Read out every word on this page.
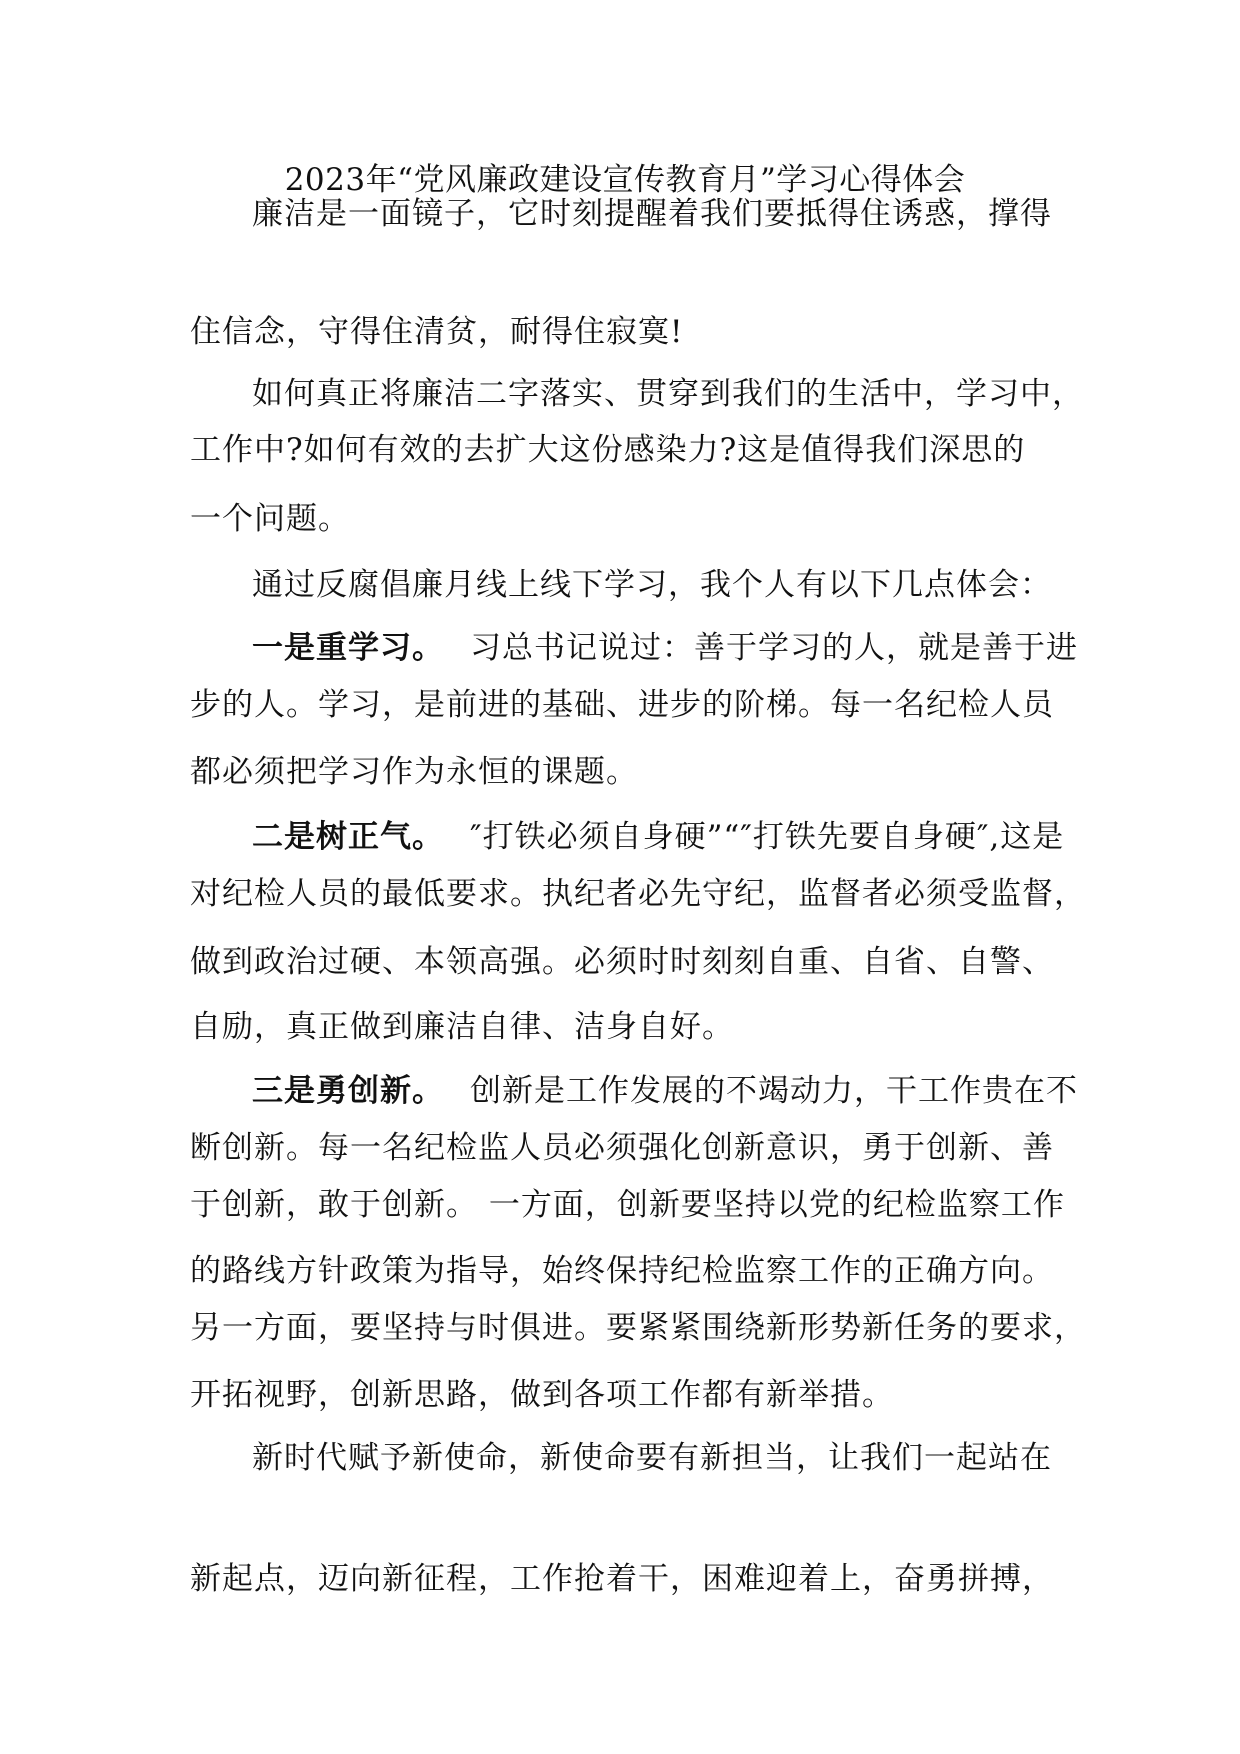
2023年“党风廉政建设宣传教育月”学习心得体会

廉洁是一面镜子，它时刻提醒着我们要抵得住诱惑，撑得

住信念，守得住清贫，耐得住寂寞!

如何真正将廉洁二字落实、贯穿到我们的生活中，学习中，

工作中?如何有效的去扩大这份感染力?这是值得我们深思的

一个问题。

通过反腐倡廉月线上线下学习，我个人有以下几点体会：

一是重学习。 习总书记说过：善于学习的人，就是善于进

步的人。学习，是前进的基础、进步的阶梯。每一名纪检人员

都必须把学习作为永恒的课题。

二是树正气。 ″打铁必须自身硬”“″打铁先要自身硬″,这是

对纪检人员的最低要求。执纪者必先守纪，监督者必须受监督，

做到政治过硬、本领高强。必须时时刻刻自重、自省、自警、

自励，真正做到廉洁自律、洁身自好。

三是勇创新。 创新是工作发展的不竭动力，干工作贵在不

断创新。每一名纪检监人员必须强化创新意识，勇于创新、善

于创新，敢于创新。 一方面，创新要坚持以党的纪检监察工作

的路线方针政策为指导，始终保持纪检监察工作的正确方向。

另一方面，要坚持与时俱进。要紧紧围绕新形势新任务的要求，

开拓视野，创新思路，做到各项工作都有新举措。

新时代赋予新使命，新使命要有新担当，让我们一起站在

新起点，迈向新征程，工作抢着干，困难迎着上，奋勇拼搏，
